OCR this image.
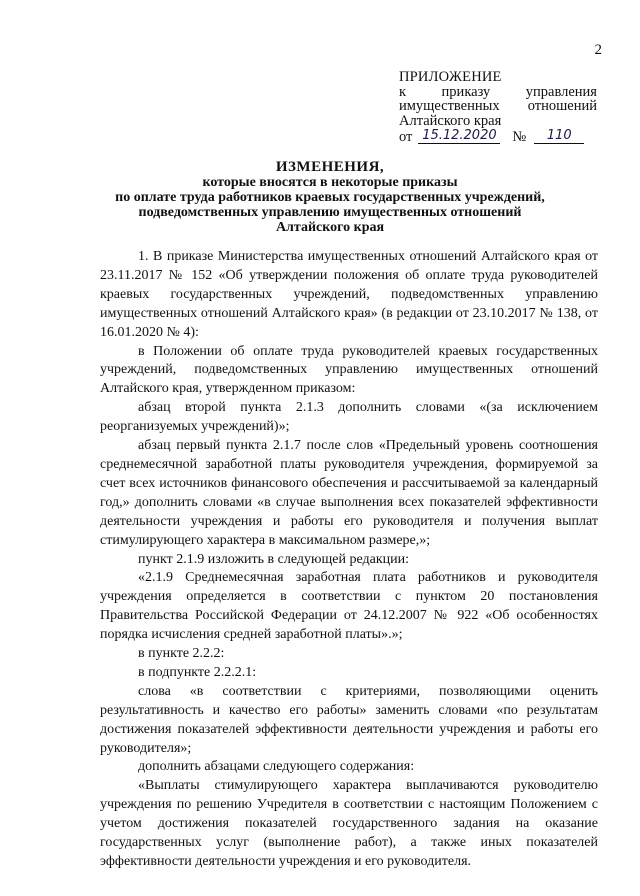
2
ПРИЛОЖЕНИЕ
к приказу управления
имущественных отношений
Алтайского края
от 15.12.2020 №	110
ИЗМЕНЕНИЯ,
которые вносятся в некоторые приказы
по оплате труда работников краевых государственных учреждений,
подведомственных управлению имущественных отношений
Алтайского края

1. В приказе Министерства имущественных отношений Алтайского края от 23.11.2017 № 152 «Об утверждении положения об оплате труда руководителей краевых государственных учреждений, подведомственных управлению имущественных отношений Алтайского края» (в редакции от 23.10.2017 № 138, от 16.01.2020 № 4):

в Положении об оплате труда руководителей краевых государственных учреждений, подведомственных управлению имущественных отношений Алтайского края, утвержденном приказом:

абзац второй пункта 2.1.3 дополнить словами «(за исключением реорганизуемых учреждений)»;

абзац первый пункта 2.1.7 после слов «Предельный уровень соотношения среднемесячной заработной платы руководителя учреждения, формируемой за счет всех источников финансового обеспечения и рассчитываемой за календарный год,» дополнить словами «в случае выполнения всех показателей эффективности деятельности учреждения и работы его руководителя и получения выплат стимулирующего характера в максимальном размере,»;

пункт 2.1.9 изложить в следующей редакции:

«2.1.9 Среднемесячная заработная плата работников и руководителя учреждения определяется в соответствии с пунктом 20 постановления Правительства Российской Федерации от 24.12.2007 № 922 «Об особенностях порядка исчисления средней заработной платы».»;

в пункте 2.2.2:

в подпункте 2.2.2.1:

слова «в соответствии с критериями, позволяющими оценить результативность и качество его работы» заменить словами «по результатам достижения показателей эффективности деятельности учреждения и работы его руководителя»;

дополнить абзацами следующего содержания:

«Выплаты стимулирующего характера выплачиваются руководителю учреждения по решению Учредителя в соответствии с настоящим Положением с учетом достижения показателей государственного задания на оказание государственных услуг (выполнение работ), а также иных показателей эффективности деятельности учреждения и его руководителя.
